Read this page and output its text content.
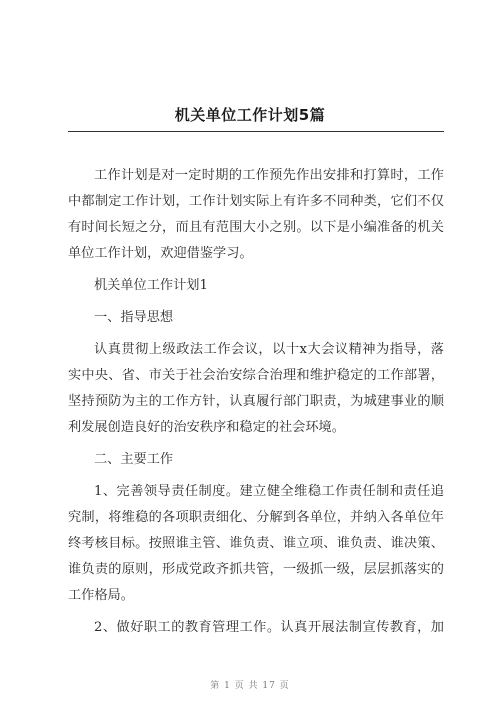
机关单位工作计划5篇
工作计划是对一定时期的工作预先作出安排和打算时，工作
中都制定工作计划，工作计划实际上有许多不同种类，它们不仅
有时间长短之分，而且有范围大小之别。以下是小编准备的机关
单位工作计划，欢迎借鉴学习。
机关单位工作计划1
一、指导思想
认真贯彻上级政法工作会议，以十x大会议精神为指导，落
实中央、省、市关于社会治安综合治理和维护稳定的工作部署，
坚持预防为主的工作方针，认真履行部门职责，为城建事业的顺
利发展创造良好的治安秩序和稳定的社会环境。
二、主要工作
1、完善领导责任制度。建立健全维稳工作责任制和责任追
究制，将维稳的各项职责细化、分解到各单位，并纳入各单位年
终考核目标。按照谁主管、谁负责、谁立项、谁负责、谁决策、
谁负责的原则，形成党政齐抓共管，一级抓一级，层层抓落实的
工作格局。
2、做好职工的教育管理工作。认真开展法制宣传教育，加
第 1 页 共 17 页
